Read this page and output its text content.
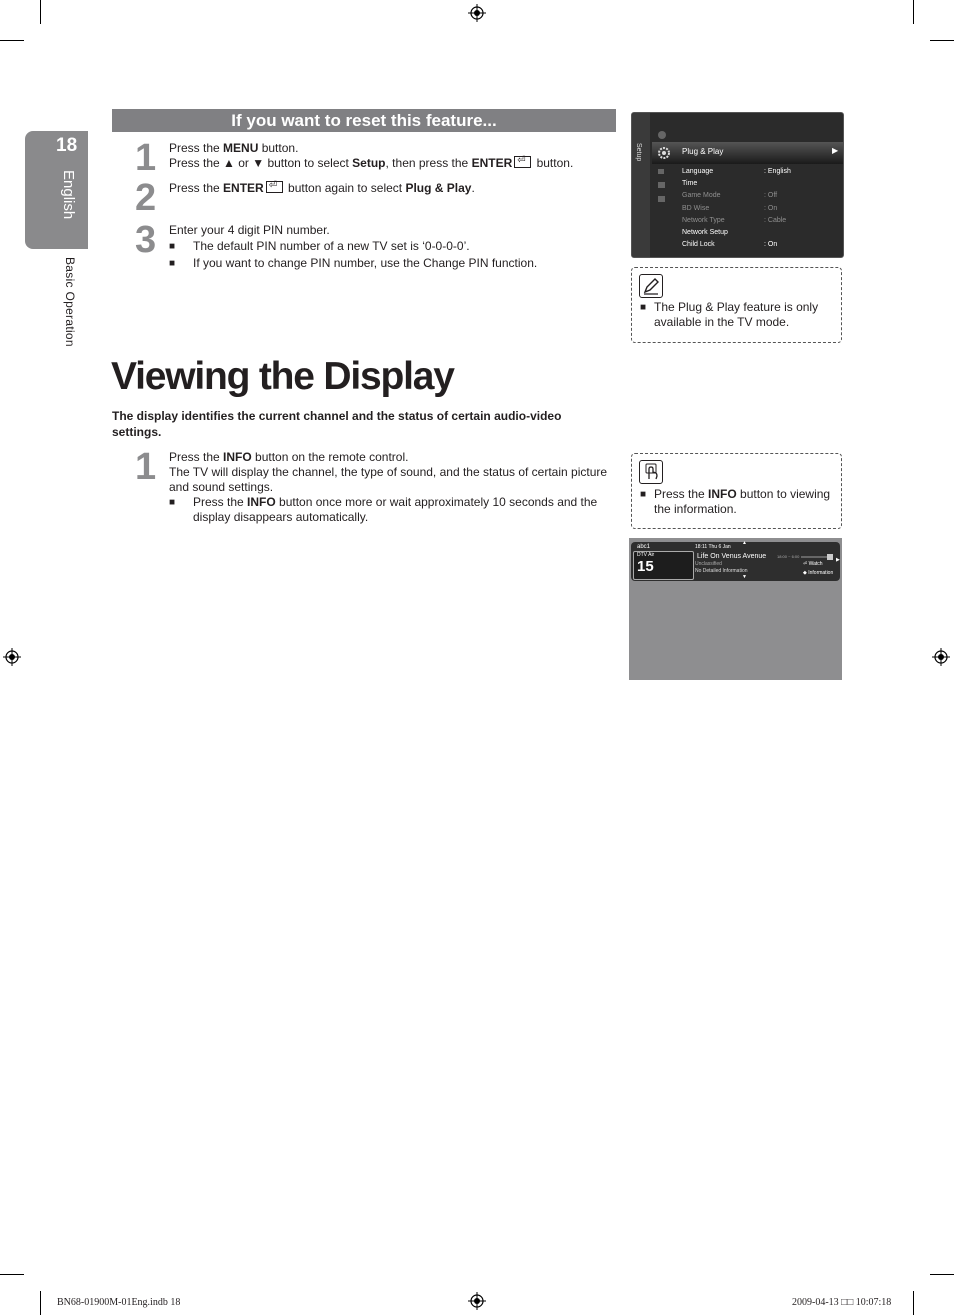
18
English
Basic Operation
If you want to reset this feature...
1 Press the MENU button.
Press the ▲ or ▼ button to select Setup, then press the ENTER⏎ button.
2 Press the ENTER⏎ button again to select Plug & Play.
3 Enter your 4 digit PIN number.
■ The default PIN number of a new TV set is ‘0-0-0-0’.
■ If you want to change PIN number, use the Change PIN function.
Setup	Plug & Play	▶
Language	: English
Time
Game Mode	: Off
BD Wise	: On
Network Type	: Cable
Network Setup
Child Lock	: On
■ The Plug & Play feature is only available in the TV mode.
Viewing the Display
The display identifies the current channel and the status of certain audio-video settings.
1 Press the INFO button on the remote control.
The TV will display the channel, the type of sound, and the status of certain picture and sound settings.
■ Press the INFO button once more or wait approximately 10 seconds and the display disappears automatically.
■ Press the INFO button to viewing the information.
abc1
DTV Air
15
18:11 Thu 6 Jan
▲
Life On Venus Avenue
Unclassified
No Detailed Information
▼
18:00 ~ 6:00
▶
⏎ Watch
◆ Information
BN68-01900M-01Eng.indb 18	2009-04-13 □□ 10:07:18
